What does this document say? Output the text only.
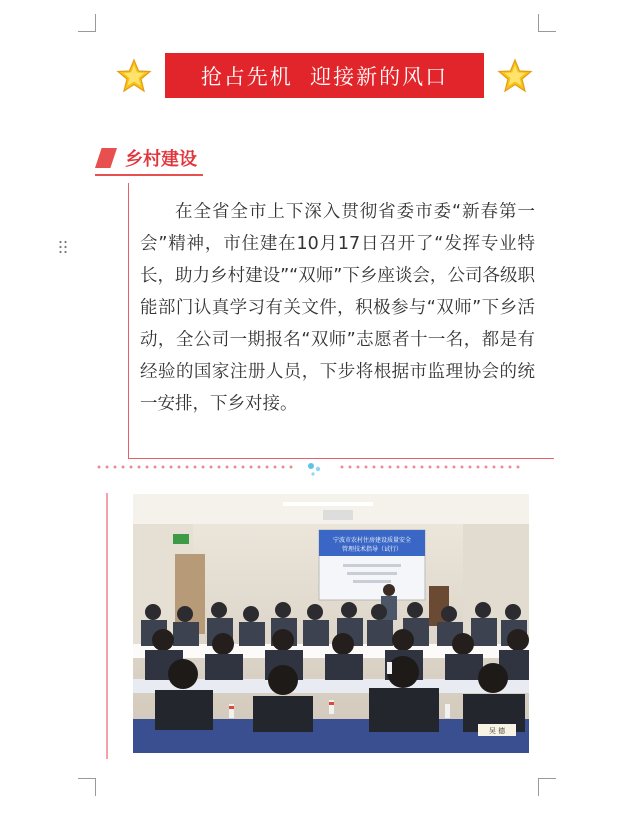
抢占先机  迎接新的风口
乡村建设

在全省全市上下深入贯彻省委市委“新春第一会”精神，市住建在10月17日召开了“发挥专业特长，助力乡村建设”“双师”下乡座谈会，公司各级职能部门认真学习有关文件，积极参与“双师”下乡活动，全公司一期报名“双师”志愿者十一名，都是有经验的国家注册人员，下步将根据市监理协会的统一安排，下乡对接。

宁波市农村住房建设质量安全
管理技术指导（试行）
吴 德
